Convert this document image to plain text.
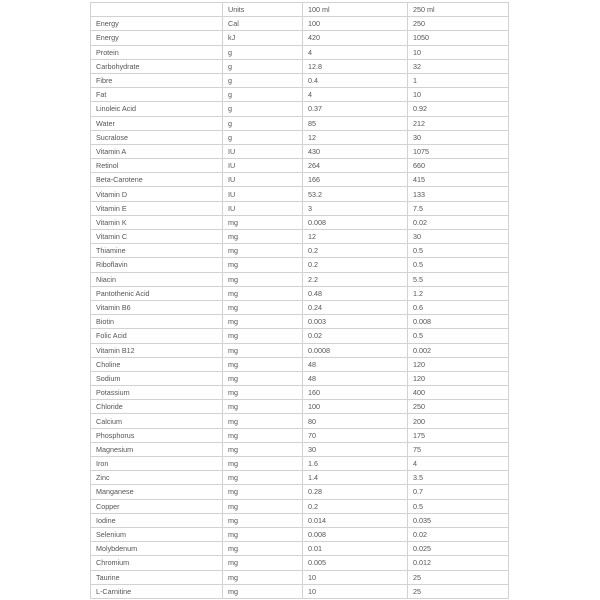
	Units	100 ml	250 ml
Energy	Cal	100	250
Energy	kJ	420	1050
Protein	g	4	10
Carbohydrate	g	12.8	32
Fibre	g	0.4	1
Fat	g	4	10
Linoleic Acid	g	0.37	0.92
Water	g	85	212
Sucralose	g	12	30
Vitamin A	IU	430	1075
Retinol	IU	264	660
Beta-Carotene	IU	166	415
Vitamin D	IU	53.2	133
Vitamin E	IU	3	7.5
Vitamin K	mg	0.008	0.02
Vitamin C	mg	12	30
Thiamine	mg	0.2	0.5
Riboflavin	mg	0.2	0.5
Niacin	mg	2.2	5.5
Pantothenic Acid	mg	0.48	1.2
Vitamin B6	mg	0.24	0.6
Biotin	mg	0.003	0.008
Folic Acid	mg	0.02	0.5
Vitamin B12	mg	0.0008	0.002
Choline	mg	48	120
Sodium	mg	48	120
Potassium	mg	160	400
Chloride	mg	100	250
Calcium	mg	80	200
Phosphorus	mg	70	175
Magnesium	mg	30	75
Iron	mg	1.6	4
Zinc	mg	1.4	3.5
Manganese	mg	0.28	0.7
Copper	mg	0.2	0.5
Iodine	mg	0.014	0.035
Selenium	mg	0.008	0.02
Molybdenum	mg	0.01	0.025
Chromium	mg	0.005	0.012
Taurine	mg	10	25
L-Carnitine	mg	10	25
